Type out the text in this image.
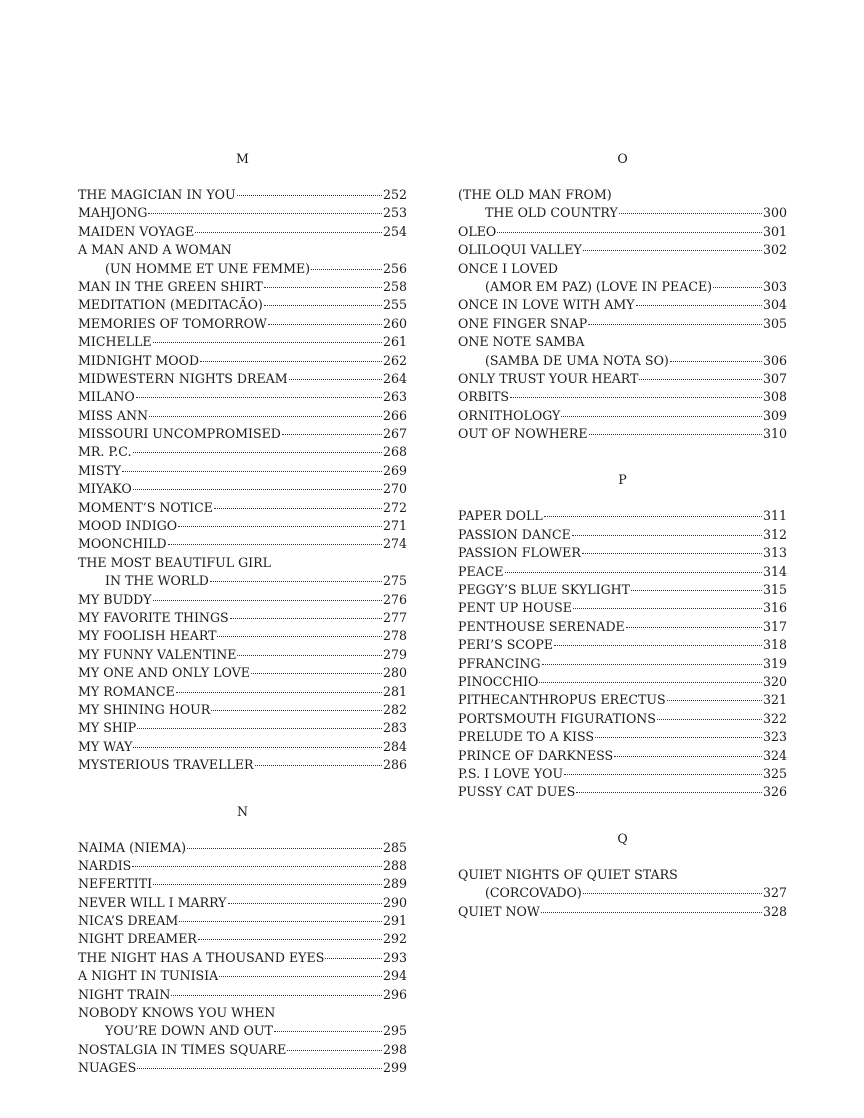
M
THE MAGICIAN IN YOU	252
MAHJONG	253
MAIDEN VOYAGE	254
A MAN AND A WOMAN
(UN HOMME ET UNE FEMME)	256
MAN IN THE GREEN SHIRT	258
MEDITATION (MEDITACÃO)	255
MEMORIES OF TOMORROW	260
MICHELLE	261
MIDNIGHT MOOD	262
MIDWESTERN NIGHTS DREAM	264
MILANO	263
MISS ANN	266
MISSOURI UNCOMPROMISED	267
MR. P.C.	268
MISTY	269
MIYAKO	270
MOMENT’S NOTICE	272
MOOD INDIGO	271
MOONCHILD	274
THE MOST BEAUTIFUL GIRL
IN THE WORLD	275
MY BUDDY	276
MY FAVORITE THINGS	277
MY FOOLISH HEART	278
MY FUNNY VALENTINE	279
MY ONE AND ONLY LOVE	280
MY ROMANCE	281
MY SHINING HOUR	282
MY SHIP	283
MY WAY	284
MYSTERIOUS TRAVELLER	286
N
NAIMA (NIEMA)	285
NARDIS	288
NEFERTITI	289
NEVER WILL I MARRY	290
NICA’S DREAM	291
NIGHT DREAMER	292
THE NIGHT HAS A THOUSAND EYES	293
A NIGHT IN TUNISIA	294
NIGHT TRAIN	296
NOBODY KNOWS YOU WHEN
YOU’RE DOWN AND OUT	295
NOSTALGIA IN TIMES SQUARE	298
NUAGES	299
O
(THE OLD MAN FROM)
THE OLD COUNTRY	300
OLEO	301
OLILOQUI VALLEY	302
ONCE I LOVED
(AMOR EM PAZ) (LOVE IN PEACE)	303
ONCE IN LOVE WITH AMY	304
ONE FINGER SNAP	305
ONE NOTE SAMBA
(SAMBA DE UMA NOTA SO)	306
ONLY TRUST YOUR HEART	307
ORBITS	308
ORNITHOLOGY	309
OUT OF NOWHERE	310
P
PAPER DOLL	311
PASSION DANCE	312
PASSION FLOWER	313
PEACE	314
PEGGY’S BLUE SKYLIGHT	315
PENT UP HOUSE	316
PENTHOUSE SERENADE	317
PERI’S SCOPE	318
PFRANCING	319
PINOCCHIO	320
PITHECANTHROPUS ERECTUS	321
PORTSMOUTH FIGURATIONS	322
PRELUDE TO A KISS	323
PRINCE OF DARKNESS	324
P.S. I LOVE YOU	325
PUSSY CAT DUES	326
Q
QUIET NIGHTS OF QUIET STARS
(CORCOVADO)	327
QUIET NOW	328
